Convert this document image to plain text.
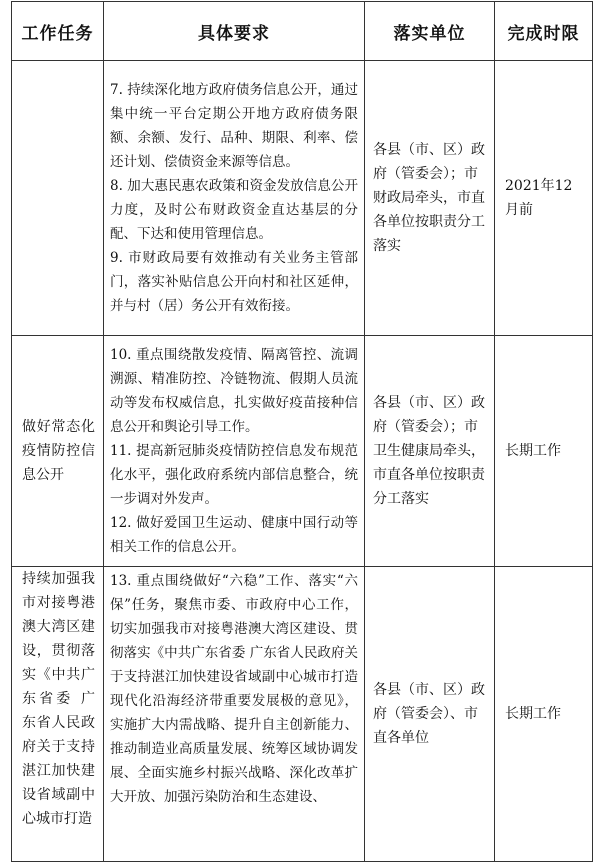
工作任务	具体要求	落实单位	完成时限

	7. 持续深化地方政府债务信息公开，通过集中统一平台定期公开地方政府债务限额、余额、发行、品种、期限、利率、偿还计划、偿债资金来源等信息。

8. 加大惠民惠农政策和资金发放信息公开力度，及时公布财政资金直达基层的分配、下达和使用管理信息。

9. 市财政局要有效推动有关业务主管部门，落实补贴信息公开向村和社区延伸，并与村（居）务公开有效衔接。	各县（市、区）政府（管委会）；市财政局牵头，市直各单位按职责分工落实	2021年12月前
做好常态化疫情防控信息公开	10. 重点围绕散发疫情、隔离管控、流调溯源、精准防控、冷链物流、假期人员流动等发布权威信息，扎实做好疫苗接种信息公开和舆论引导工作。

11. 提高新冠肺炎疫情防控信息发布规范化水平，强化政府系统内部信息整合，统一步调对外发声。

12. 做好爱国卫生运动、健康中国行动等相关工作的信息公开。	各县（市、区）政府（管委会）；市卫生健康局牵头，市直各单位按职责分工落实	长期工作
持续加强我市对接粤港澳大湾区建设，贯彻落实《中共广东省委 广东省人民政府关于支持湛江加快建设省域副中心城市打造	13. 重点围绕做好“六稳”工作、落实“六保”任务，聚焦市委、市政府中心工作，切实加强我市对接粤港澳大湾区建设、贯彻落实《中共广东省委 广东省人民政府关于支持湛江加快建设省域副中心城市打造现代化沿海经济带重要发展极的意见》，实施扩大内需战略、提升自主创新能力、推动制造业高质量发展、统筹区域协调发展、全面实施乡村振兴战略、深化改革扩大开放、加强污染防治和生态建设、	各县（市、区）政府（管委会）、市直各单位	长期工作
